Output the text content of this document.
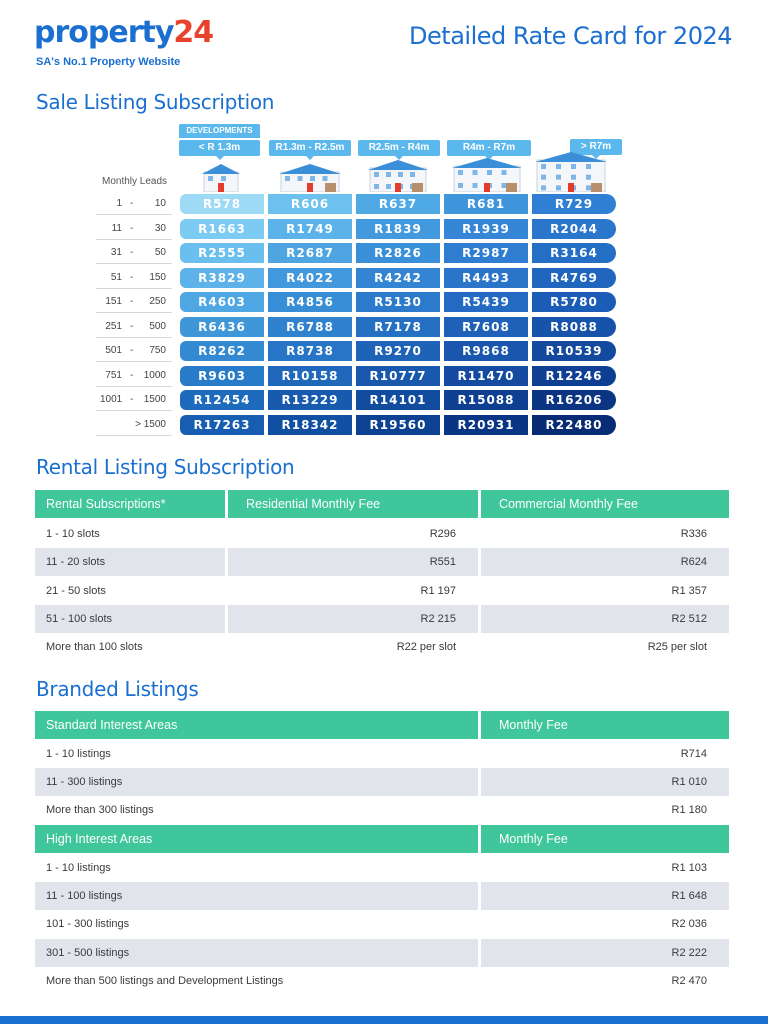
property24
SA's No.1 Property Website
Detailed Rate Card for 2024
Sale Listing Subscription
DEVELOPMENTS
< R 1.3m	R1.3m - R2.5m	R2.5m - R4m	R4m - R7m	> R7m
Monthly Leads
1 - 10	R578	R606	R637	R681	R729
11 - 30	R1663	R1749	R1839	R1939	R2044
31 - 50	R2555	R2687	R2826	R2987	R3164
51 - 150	R3829	R4022	R4242	R4493	R4769
151 - 250	R4603	R4856	R5130	R5439	R5780
251 - 500	R6436	R6788	R7178	R7608	R8088
501 - 750	R8262	R8738	R9270	R9868	R10539
751 - 1000	R9603	R10158	R10777	R11470	R12246
1001 - 1500	R12454	R13229	R14101	R15088	R16206
> 1500	R17263	R18342	R19560	R20931	R22480
Rental Listing Subscription
Rental Subscriptions*	Residential Monthly Fee	Commercial Monthly Fee
1 - 10 slots	R296	R336
11 - 20 slots	R551	R624
21 - 50 slots	R1 197	R1 357
51 - 100 slots	R2 215	R2 512
More than 100 slots	R22 per slot	R25 per slot
Branded Listings
Standard Interest Areas	Monthly Fee
1 - 10 listings	R714
11 - 300 listings	R1 010
More than 300 listings	R1 180
High Interest Areas	Monthly Fee
1 - 10 listings	R1 103
11 - 100 listings	R1 648
101 - 300 listings	R2 036
301 - 500 listings	R2 222
More than 500 listings and Development Listings	R2 470
